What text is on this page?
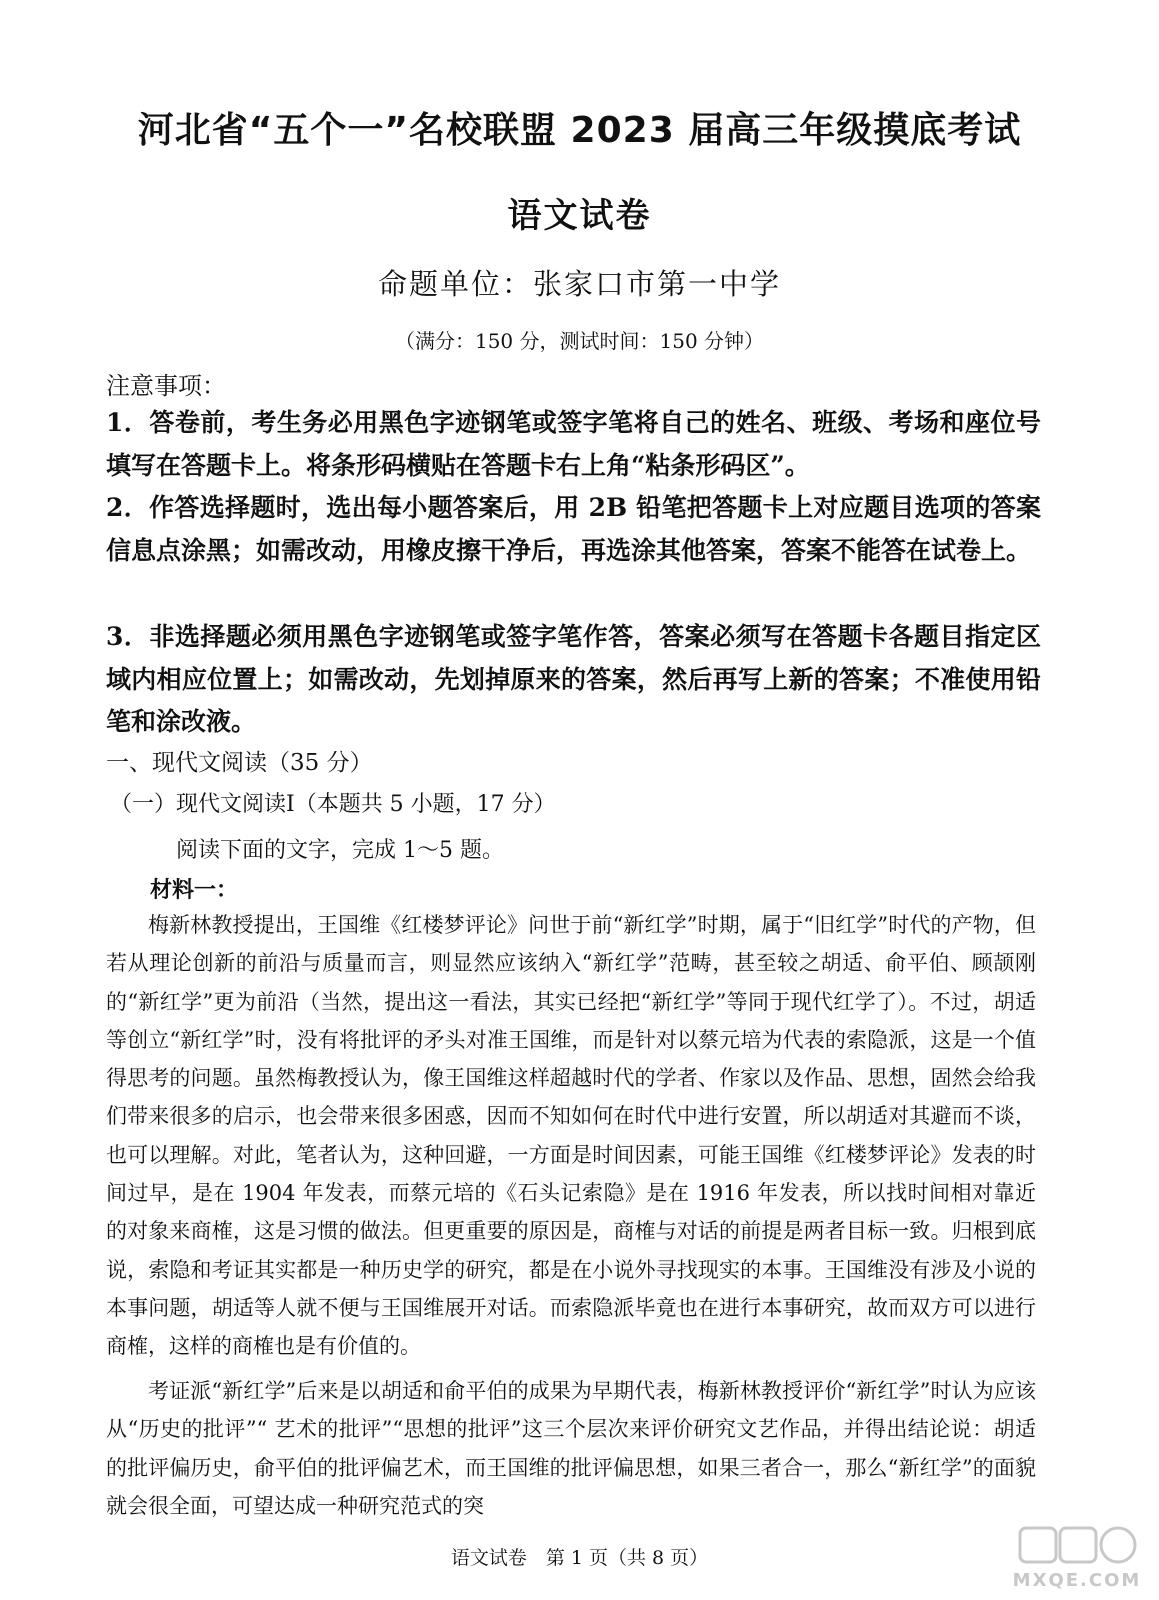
河北省“五个一”名校联盟 2023 届高三年级摸底考试
语文试卷
命题单位：张家口市第一中学
（满分：150 分，测试时间：150 分钟）
注意事项：
1．答卷前，考生务必用黑色字迹钢笔或签字笔将自己的姓名、班级、考场和座位号填写在答题卡上。将条形码横贴在答题卡右上角“粘条形码区”。
2．作答选择题时，选出每小题答案后，用 2B 铅笔把答题卡上对应题目选项的答案信息点涂黑；如需改动，用橡皮擦干净后，再选涂其他答案，答案不能答在试卷上。
3．非选择题必须用黑色字迹钢笔或签字笔作答，答案必须写在答题卡各题目指定区域内相应位置上；如需改动，先划掉原来的答案，然后再写上新的答案；不准使用铅笔和涂改液。
一、现代文阅读（35 分）
（一）现代文阅读Ⅰ（本题共 5 小题，17 分）
阅读下面的文字，完成 1～5 题。
材料一：
梅新林教授提出，王国维《红楼梦评论》问世于前“新红学”时期，属于“旧红学”时代的产物，但若从理论创新的前沿与质量而言，则显然应该纳入“新红学”范畴，甚至较之胡适、俞平伯、顾颉刚的“新红学”更为前沿（当然，提出这一看法，其实已经把“新红学”等同于现代红学了）。不过，胡适等创立“新红学”时，没有将批评的矛头对准王国维，而是针对以蔡元培为代表的索隐派，这是一个值得思考的问题。虽然梅教授认为，像王国维这样超越时代的学者、作家以及作品、思想，固然会给我们带来很多的启示，也会带来很多困惑，因而不知如何在时代中进行安置，所以胡适对其避而不谈，也可以理解。对此，笔者认为，这种回避，一方面是时间因素，可能王国维《红楼梦评论》发表的时间过早，是在 1904 年发表，而蔡元培的《石头记索隐》是在 1916 年发表，所以找时间相对靠近的对象来商榷，这是习惯的做法。但更重要的原因是，商榷与对话的前提是两者目标一致。归根到底说，索隐和考证其实都是一种历史学的研究，都是在小说外寻找现实的本事。王国维没有涉及小说的本事问题，胡适等人就不便与王国维展开对话。而索隐派毕竟也在进行本事研究，故而双方可以进行商榷，这样的商榷也是有价值的。
考证派“新红学”后来是以胡适和俞平伯的成果为早期代表，梅新林教授评价“新红学”时认为应该从“历史的批评”“ 艺术的批评”“思想的批评”这三个层次来评价研究文艺作品，并得出结论说：胡适的批评偏历史，俞平伯的批评偏艺术，而王国维的批评偏思想，如果三者合一，那么“新红学”的面貌就会很全面，可望达成一种研究范式的突
语文试卷　第 1 页（共 8 页）
MXQE.COM
